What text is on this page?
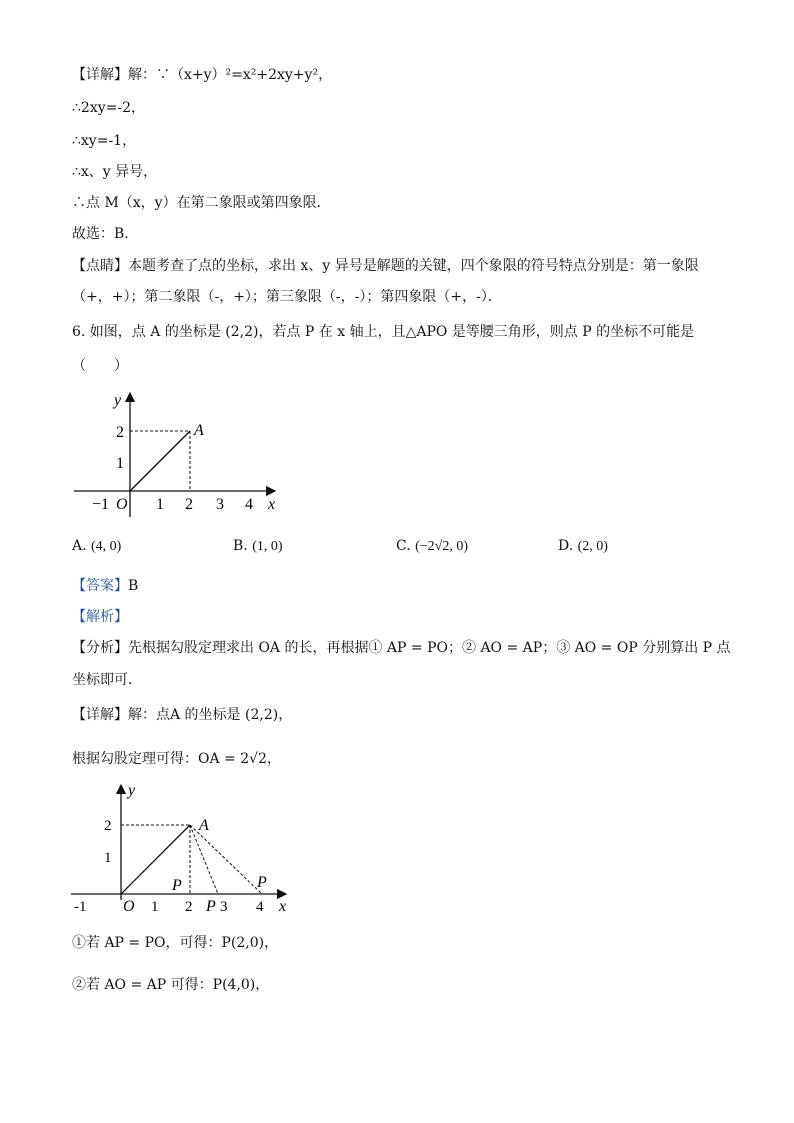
【详解】解：∵（x+y）²=x²+2xy+y²，
∴2xy=-2，
∴xy=-1，
∴x、y 异号，
∴点 M（x，y）在第二象限或第四象限．
故选：B．
【点睛】本题考查了点的坐标，求出 x、y 异号是解题的关键，四个象限的符号特点分别是：第一象限
（+，+）；第二象限（-，+）；第三象限（-，-）；第四象限（+，-）．
6. 如图，点 A 的坐标是 (2,2)，若点 P 在 x 轴上，且△APO 是等腰三角形，则点 P 的坐标不可能是
（　　）
y
x
O
A
−1	1 2 3 4
1
2
A. (4, 0)	B. (1, 0)	C. (−2√2, 0)	D. (2, 0)
【答案】B
【解析】
【分析】先根据勾股定理求出 OA 的长，再根据① AP = PO；② AO = AP；③ AO = OP 分别算出 P 点
坐标即可．
【详解】解：点A 的坐标是 (2,2)，
根据勾股定理可得：OA = 2√2，
y
x
O
A
P
P
P
-1	1 2 3 4
1
2
①若 AP = PO，可得：P(2,0)，
②若 AO = AP 可得：P(4,0)，
